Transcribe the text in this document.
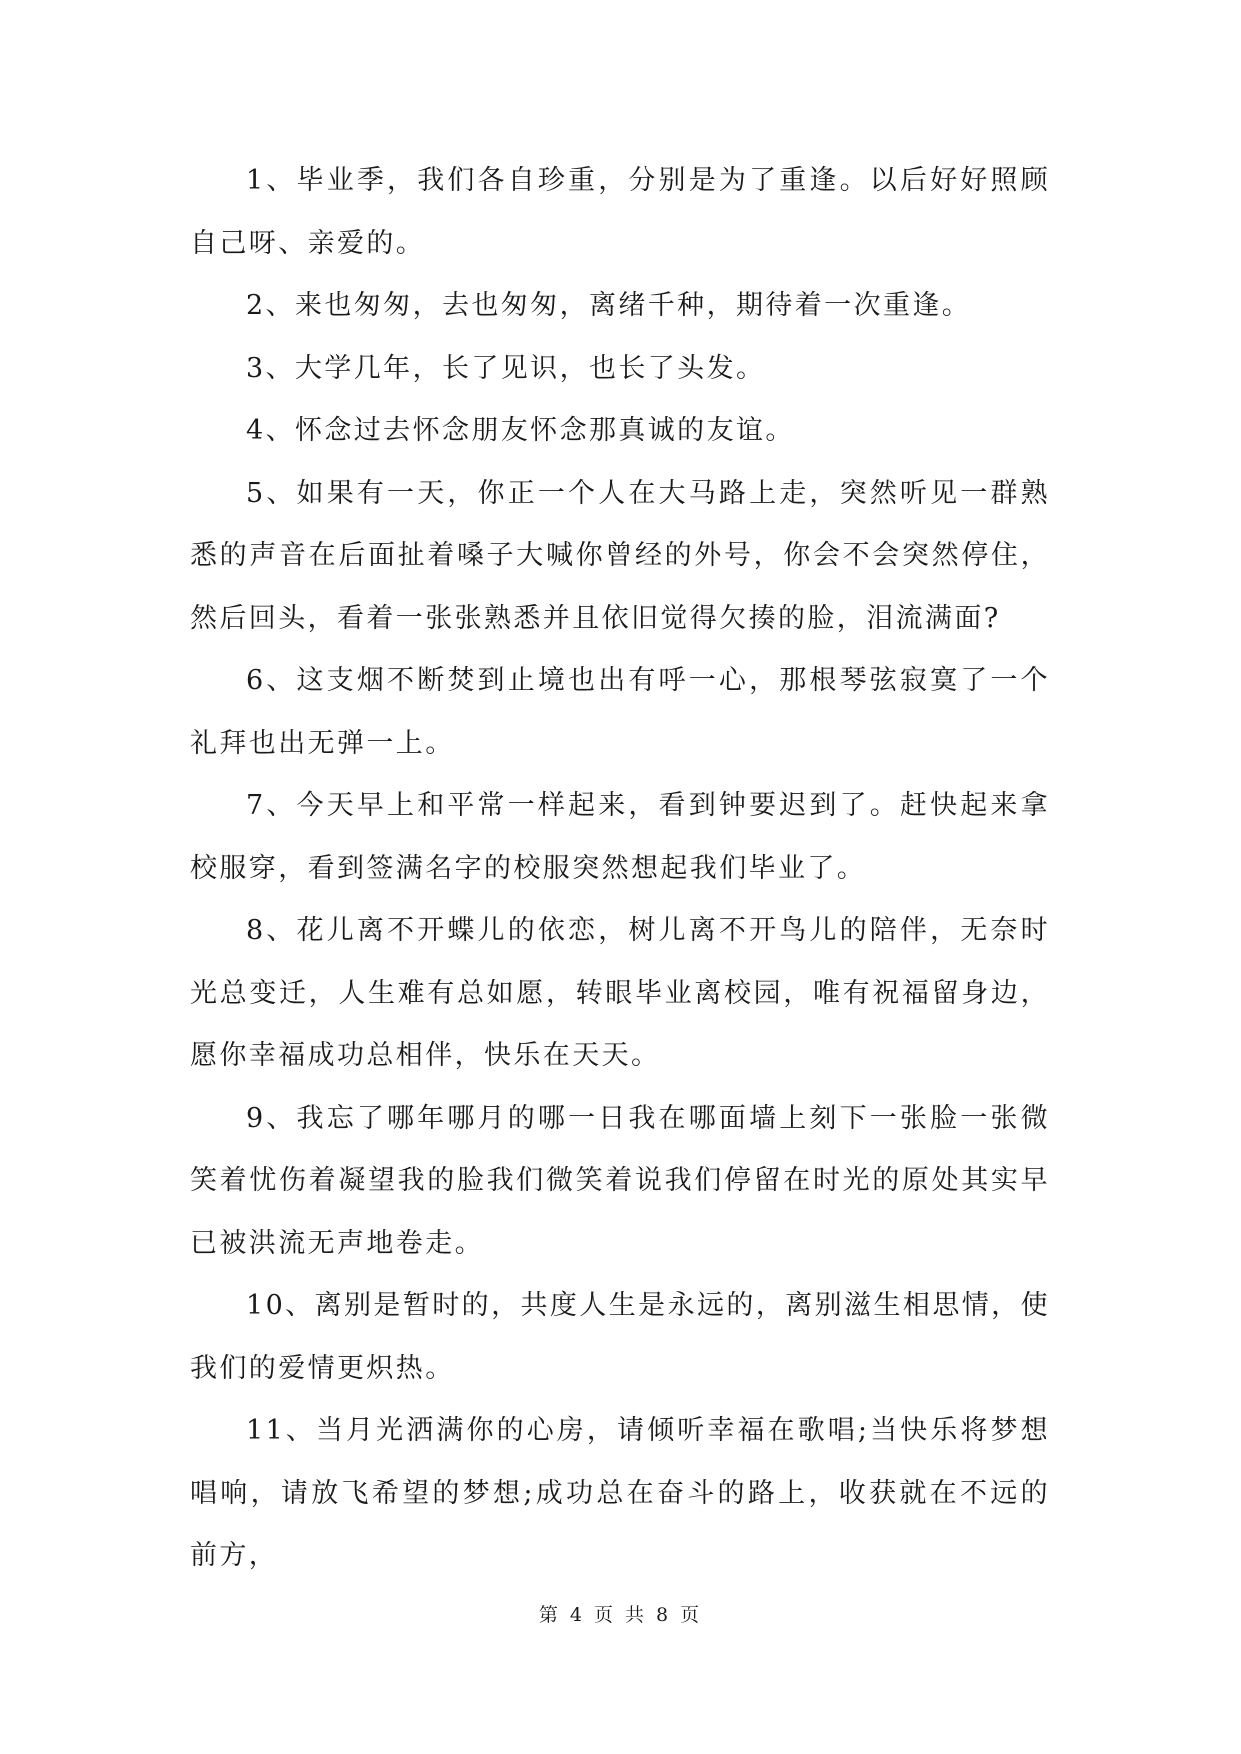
1、毕业季，我们各自珍重，分别是为了重逢。以后好好照顾自己呀、亲爱的。

2、来也匆匆，去也匆匆，离绪千种，期待着一次重逢。

3、大学几年，长了见识，也长了头发。

4、怀念过去怀念朋友怀念那真诚的友谊。

5、如果有一天，你正一个人在大马路上走，突然听见一群熟悉的声音在后面扯着嗓子大喊你曾经的外号，你会不会突然停住，然后回头，看着一张张熟悉并且依旧觉得欠揍的脸，泪流满面?

6、这支烟不断焚到止境也出有呼一心，那根琴弦寂寞了一个礼拜也出无弹一上。

7、今天早上和平常一样起来，看到钟要迟到了。赶快起来拿校服穿，看到签满名字的校服突然想起我们毕业了。

8、花儿离不开蝶儿的依恋，树儿离不开鸟儿的陪伴，无奈时光总变迁，人生难有总如愿，转眼毕业离校园，唯有祝福留身边，愿你幸福成功总相伴，快乐在天天。

9、我忘了哪年哪月的哪一日我在哪面墙上刻下一张脸一张微笑着忧伤着凝望我的脸我们微笑着说我们停留在时光的原处其实早已被洪流无声地卷走。

10、离别是暂时的，共度人生是永远的，离别滋生相思情，使我们的爱情更炽热。

11、当月光洒满你的心房，请倾听幸福在歌唱;当快乐将梦想唱响，请放飞希望的梦想;成功总在奋斗的路上，收获就在不远的前方，

第 4 页 共 8 页
